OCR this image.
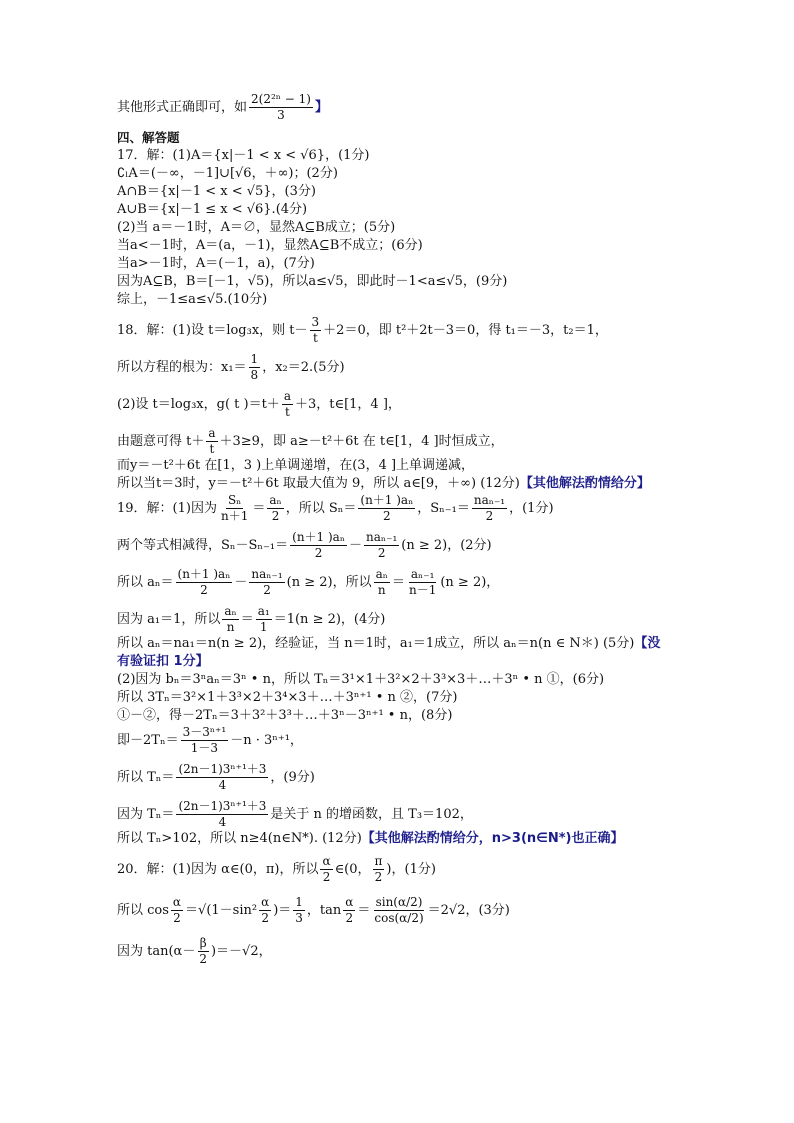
其他形式正确即可，如 $\frac{\text{2(2²ⁿ − 1)}}{3}$ 】
四、解答题
17．解：(1)A＝{x|－1 < x < √6}，(1分)
∁ₗA＝(－∞，－1]∪[√6，＋∞)；(2分)
A∩B＝{x|－1 < x < √5}，(3分)
A∪B＝{x|－1 ≤ x < √6}.(4分)
(2)当 a＝－1时，A＝∅，显然A⊆B成立；(5分)
当a<－1时，A＝(a，－1)，显然A⊆B不成立；(6分)
当a>－1时，A＝(－1，a)，(7分)
因为A⊆B，B＝[－1，√5)，所以a≤√5，即此时－1<a≤√5，(9分)
综上，－1≤a≤√5.(10分)
18．解：(1)设 t＝log₃x，则 $t- \frac{3}{t} +2=0$，即 t²＋2t－3＝0，得 t₁＝－3，t₂＝1，
所以方程的根为：$x_1= \frac{1}{8}$ ，x₂＝2.(5分)
(2)设 t＝log₃x，g( t )$=t+ \frac{a}{t} +3$，t∈[1，4 ]，
由题意可得 $t+ \frac{a}{t} +3\ge 9$，即 a≥－t²＋6t 在 t∈[1，4 ]时恒成立，
而y＝－t²＋6t 在[1，3 )上单调递增，在(3，4 ]上单调递减，
所以当t＝3时，y＝－t²＋6t 取最大值为 9，所以 a∈[9，＋∞) (12分)【其他解法酌情给分】
19．解：(1)因为 $\frac{\text{Sₙ}}{n+1} = \frac{\text{aₙ}}{2}$ ，所以 $S_n= \frac{\text{(n＋1 )aₙ}}{2}$ ，$S_{n-1}= \frac{\text{naₙ₋₁}}{2}$ ，(1分)
两个等式相减得，$S_n-S_{n-1}= \frac{\text{(n＋1 )aₙ}}{2} - \frac{\text{naₙ₋₁}}{2} (n \ge 2)$，(2分)
所以 $a_n= \frac{\text{(n＋1 )aₙ}}{2} - \frac{\text{naₙ₋₁}}{2} (n \ge 2)$，所以 $\frac{\text{aₙ}}{n} = \frac{\text{aₙ₋₁}}{n-1} (n \ge 2)$，
因为 a₁＝1，所以 $\frac{\text{aₙ}}{n} = \frac{\text{a₁}}{1} =1(n \ge 2)$，(4分)
所以 aₙ＝na₁＝n(n ≥ 2)，经验证，当 n＝1时，a₁＝1成立，所以 aₙ＝n(n ∈ N＊) (5分)【没
有验证扣 1分】
(2)因为 bₙ＝3ⁿaₙ＝3ⁿ • n，所以 Tₙ＝3¹×1＋3²×2＋3³×3＋…＋3ⁿ • n ①，(6分)
所以 3Tₙ＝3²×1＋3³×2＋3⁴×3＋…＋3ⁿ⁺¹ • n ②，(7分)
①－②，得－2Tₙ＝3＋3²＋3³＋…＋3ⁿ－3ⁿ⁺¹ • n，(8分)
即$-2T_n= \frac{\text{3－3ⁿ⁺¹}}{1-3} -n \cdot 3^{n+1}$，
所以 $T_n= \frac{\text{(2n－1)3ⁿ⁺¹＋3}}{4}$ ，(9分)
因为 $T_n= \frac{\text{(2n－1)3ⁿ⁺¹＋3}}{4}$ 是关于 n 的增函数，且 T₃＝102，
所以 Tₙ>102，所以 n≥4(n∈N*). (12分)【其他解法酌情给分，n>3(n∈N*)也正确】
20．解：(1)因为 α∈(0，π)，所以 $\frac{\alpha}{2}$ ∈(0， $\frac{\pi}{2}$ )，(1分)
所以 $\cos \frac{\alpha}{2} =√(1-\sin^2 \frac{\alpha}{2}$ )＝ $\frac{1}{3}$ ，$\tan \frac{\alpha}{2} = \frac{\sin(\alpha/2)}{\cos(\alpha/2)} =2√2$，(3分)
因为 $\tan(\alpha- \frac{\beta}{2} )=-√2$，
